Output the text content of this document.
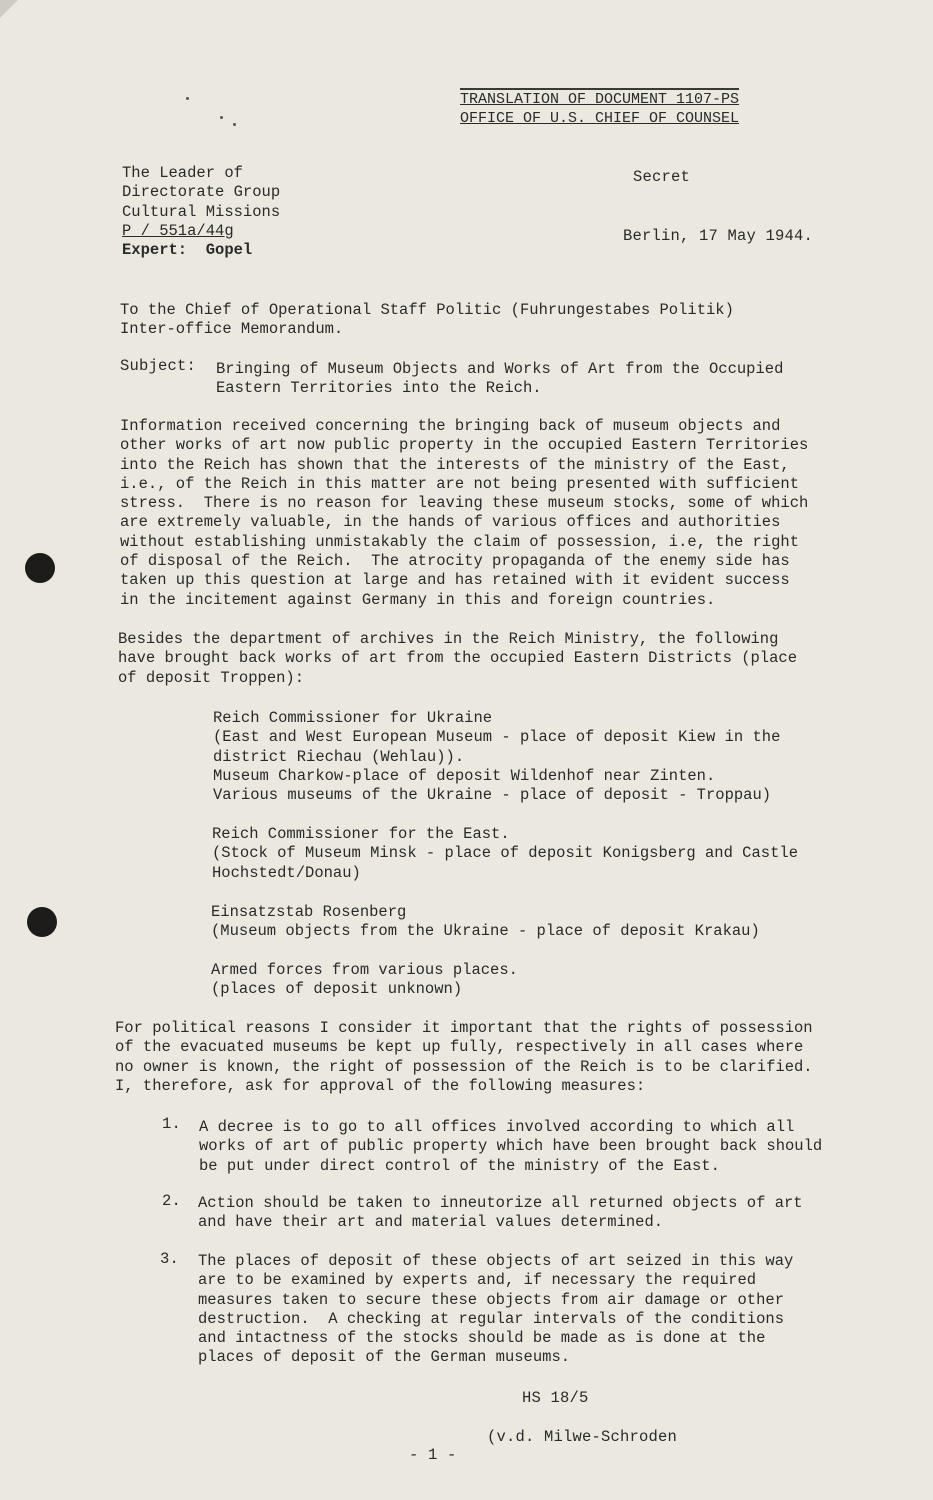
TRANSLATION OF DOCUMENT 1107-PS
OFFICE OF U.S. CHIEF OF COUNSEL
The Leader of
Directorate Group
Cultural Missions
P / 551a/44g
Expert:  Gopel
Secret
Berlin, 17 May 1944.
To the Chief of Operational Staff Politic (Fuhrungestabes Politik)
Inter-office Memorandum.
Subject: Bringing of Museum Objects and Works of Art from the Occupied
Eastern Territories into the Reich.
Information received concerning the bringing back of museum objects and
other works of art now public property in the occupied Eastern Territories
into the Reich has shown that the interests of the ministry of the East,
i.e., of the Reich in this matter are not being presented with sufficient
stress.  There is no reason for leaving these museum stocks, some of which
are extremely valuable, in the hands of various offices and authorities
without establishing unmistakably the claim of possession, i.e, the right
of disposal of the Reich.  The atrocity propaganda of the enemy side has
taken up this question at large and has retained with it evident success
in the incitement against Germany in this and foreign countries.
Besides the department of archives in the Reich Ministry, the following
have brought back works of art from the occupied Eastern Districts (place
of deposit Troppen):
Reich Commissioner for Ukraine
(East and West European Museum - place of deposit Kiew in the
district Riechau (Wehlau)).
Museum Charkow-place of deposit Wildenhof near Zinten.
Various museums of the Ukraine - place of deposit - Troppau)
Reich Commissioner for the East.
(Stock of Museum Minsk - place of deposit Konigsberg and Castle
Hochstedt/Donau)
Einsatzstab Rosenberg
(Museum objects from the Ukraine - place of deposit Krakau)
Armed forces from various places.
(places of deposit unknown)
For political reasons I consider it important that the rights of possession
of the evacuated museums be kept up fully, respectively in all cases where
no owner is known, the right of possession of the Reich is to be clarified.
I, therefore, ask for approval of the following measures:
1. A decree is to go to all offices involved according to which all
works of art of public property which have been brought back should
be put under direct control of the ministry of the East.
2. Action should be taken to inneutorize all returned objects of art
and have their art and material values determined.
3. The places of deposit of these objects of art seized in this way
are to be examined by experts and, if necessary the required
measures taken to secure these objects from air damage or other
destruction.  A checking at regular intervals of the conditions
and intactness of the stocks should be made as is done at the
places of deposit of the German museums.
HS 18/5
(v.d. Milwe-Schroden
- 1 -
